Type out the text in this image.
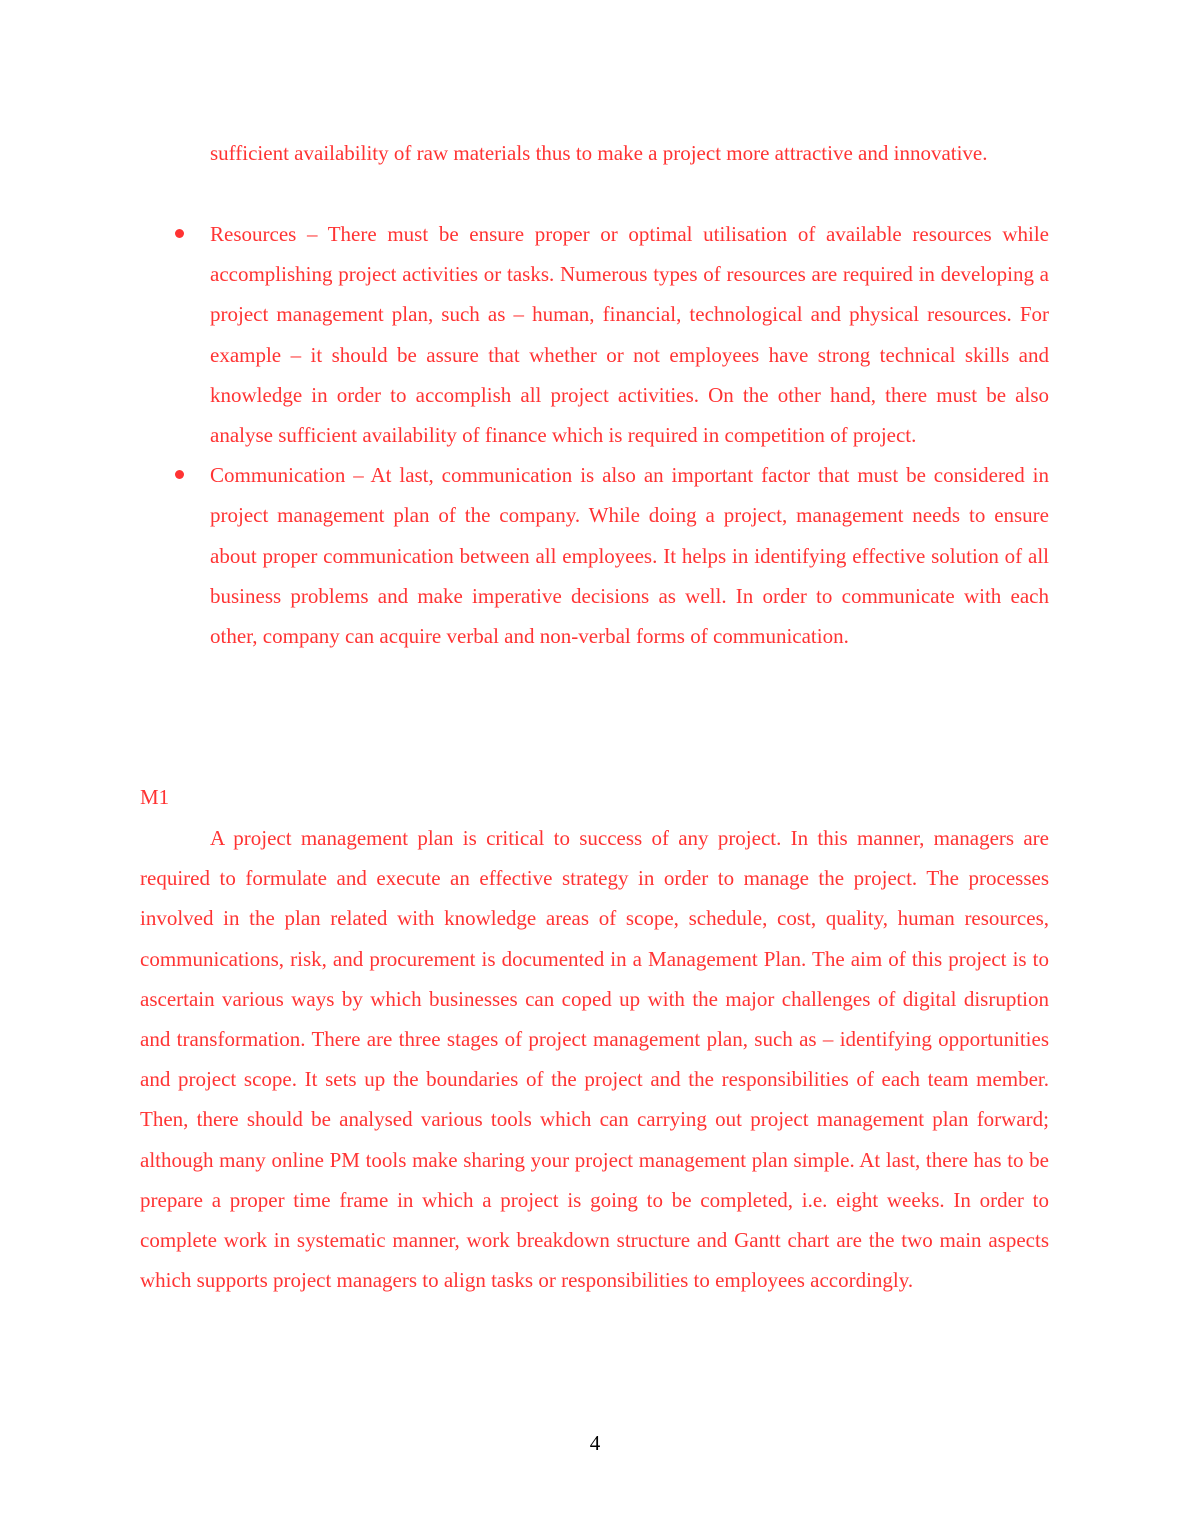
sufficient availability of raw materials thus to make a project more attractive and innovative.
Resources – There must be ensure proper or optimal utilisation of available resources while accomplishing project activities or tasks. Numerous types of resources are required in developing a project management plan, such as – human, financial, technological and physical resources. For example – it should be assure that whether or not employees have strong technical skills and knowledge in order to accomplish all project activities. On the other hand, there must be also analyse sufficient availability of finance which is required in competition of project.
Communication – At last, communication is also an important factor that must be considered in project management plan of the company. While doing a project, management needs to ensure about proper communication between all employees. It helps in identifying effective solution of all business problems and make imperative decisions as well. In order to communicate with each other, company can acquire verbal and non-verbal forms of communication.
M1
A project management plan is critical to success of any project. In this manner, managers are required to formulate and execute an effective strategy in order to manage the project. The processes involved in the plan related with knowledge areas of scope, schedule, cost, quality, human resources, communications, risk, and procurement is documented in a Management Plan. The aim of this project is to ascertain various ways by which businesses can coped up with the major challenges of digital disruption and transformation. There are three stages of project management plan, such as – identifying opportunities and project scope. It sets up the boundaries of the project and the responsibilities of each team member. Then, there should be analysed various tools which can carrying out project management plan forward; although many online PM tools make sharing your project management plan simple. At last, there has to be prepare a proper time frame in which a project is going to be completed, i.e. eight weeks. In order to complete work in systematic manner, work breakdown structure and Gantt chart are the two main aspects which supports project managers to align tasks or responsibilities to employees accordingly.
4
